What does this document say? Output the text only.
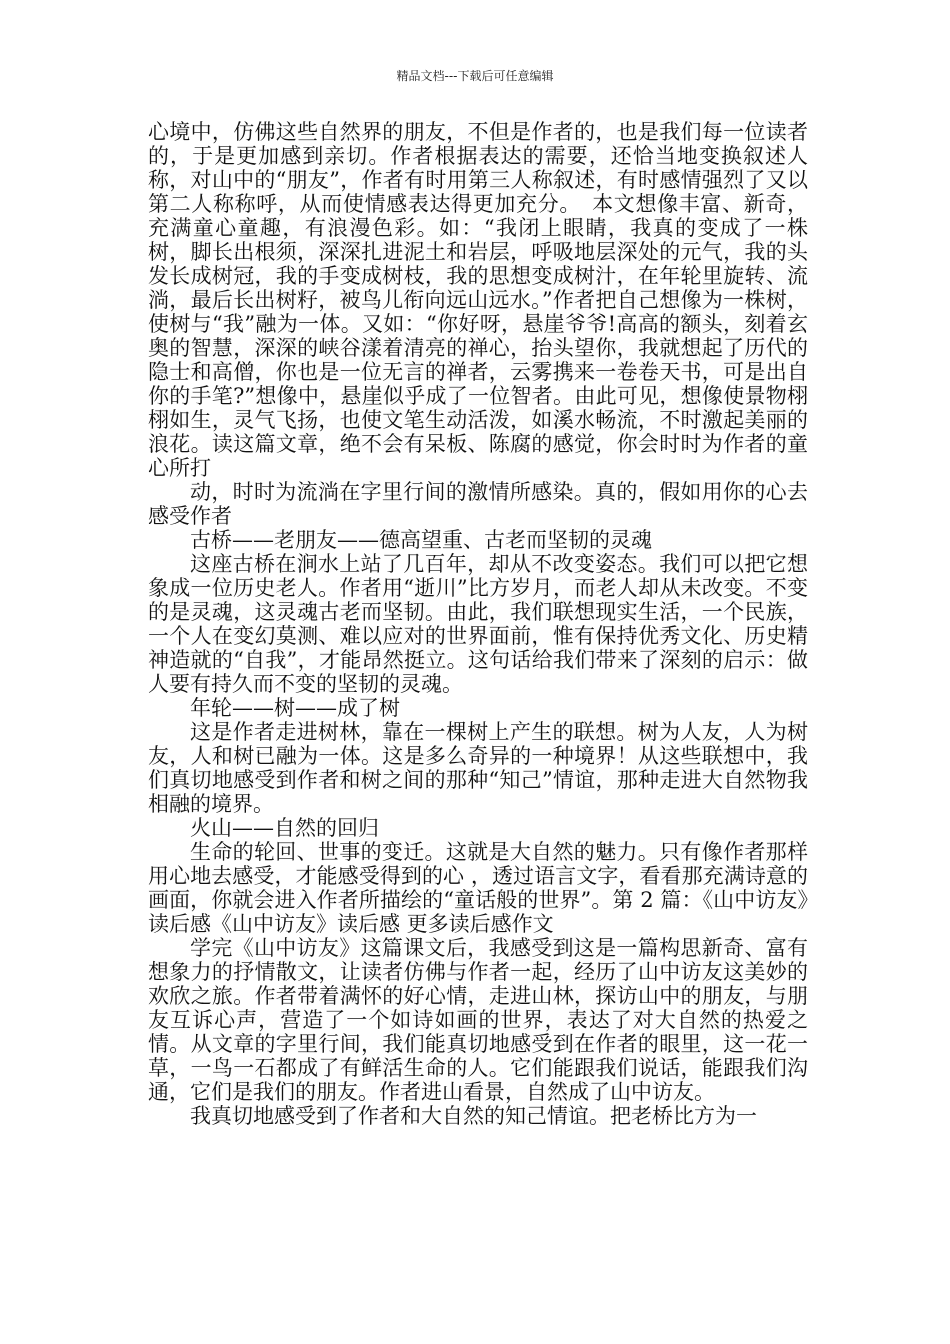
精品文档---下载后可任意编辑

心境中，仿佛这些自然界的朋友，不但是作者的，也是我们每一位读者的，于是更加感到亲切。作者根据表达的需要，还恰当地变换叙述人称，对山中的“朋友”，作者有时用第三人称叙述，有时感情强烈了又以第二人称称呼，从而使情感表达得更加充分。　本文想像丰富、新奇，充满童心童趣，有浪漫色彩。如：“我闭上眼睛，我真的变成了一株树，脚长出根须，深深扎进泥土和岩层，呼吸地层深处的元气，我的头发长成树冠，我的手变成树枝，我的思想变成树汁，在年轮里旋转、流淌，最后长出树籽，被鸟儿衔向远山远水。”作者把自己想像为一株树，使树与“我”融为一体。又如：“你好呀，悬崖爷爷!高高的额头，刻着玄奥的智慧，深深的峡谷漾着清亮的禅心，抬头望你，我就想起了历代的隐士和高僧，你也是一位无言的禅者，云雾携来一卷卷天书，可是出自你的手笔?”想像中，悬崖似乎成了一位智者。由此可见，想像使景物栩栩如生，灵气飞扬，也使文笔生动活泼，如溪水畅流，不时激起美丽的浪花。读这篇文章，绝不会有呆板、陈腐的感觉，你会时时为作者的童心所打

动，时时为流淌在字里行间的激情所感染。真的，假如用你的心去感受作者

古桥——老朋友——德高望重、古老而坚韧的灵魂

这座古桥在涧水上站了几百年，却从不改变姿态。我们可以把它想象成一位历史老人。作者用“逝川”比方岁月，而老人却从未改变。不变的是灵魂，这灵魂古老而坚韧。由此，我们联想现实生活，一个民族，一个人在变幻莫测、难以应对的世界面前，惟有保持优秀文化、历史精神造就的“自我”，才能昂然挺立。这句话给我们带来了深刻的启示：做人要有持久而不变的坚韧的灵魂。

年轮——树——成了树

这是作者走进树林，靠在一棵树上产生的联想。树为人友，人为树友，人和树已融为一体。这是多么奇异的一种境界！从这些联想中，我们真切地感受到作者和树之间的那种“知己”情谊，那种走进大自然物我相融的境界。

火山——自然的回归

生命的轮回、世事的变迁。这就是大自然的魅力。只有像作者那样用心地去感受，才能感受得到的心 ，透过语言文字，看看那充满诗意的画面，你就会进入作者所描绘的“童话般的世界”。第 2 篇：《山中访友》读后感《山中访友》读后感 更多读后感作文

学完《山中访友》这篇课文后，我感受到这是一篇构思新奇、富有想象力的抒情散文，让读者仿佛与作者一起，经历了山中访友这美妙的欢欣之旅。作者带着满怀的好心情，走进山林，探访山中的朋友，与朋友互诉心声，营造了一个如诗如画的世界，表达了对大自然的热爱之情。从文章的字里行间，我们能真切地感受到在作者的眼里，这一花一草，一鸟一石都成了有鲜活生命的人。它们能跟我们说话，能跟我们沟通，它们是我们的朋友。作者进山看景，自然成了山中访友。

我真切地感受到了作者和大自然的知己情谊。把老桥比方为一
